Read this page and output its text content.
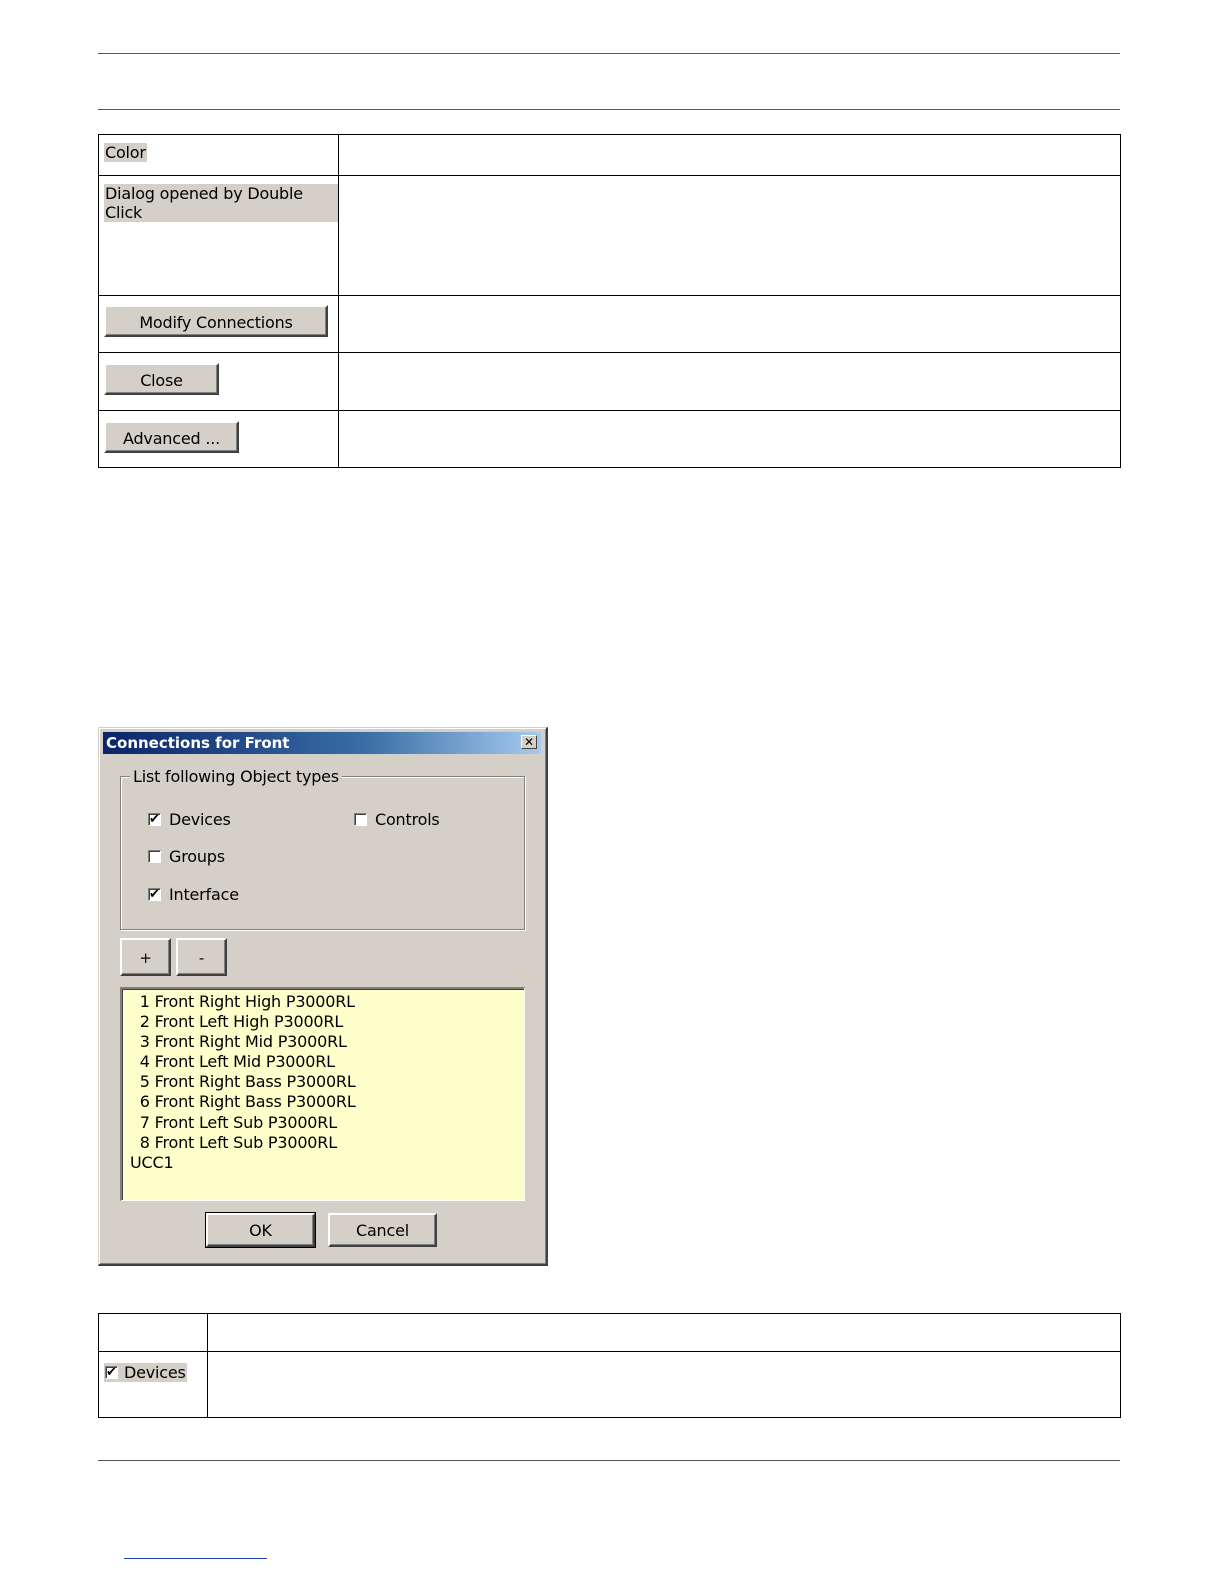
Color	
Dialog opened by Double Click	

Modify Connections	

Close	

Advanced ...	

Connections for Front	✕
List following Object types
✔Devices	Controls
Groups
✔Interface
+	-
1 Front Right High P3000RL
2 Front Left High P3000RL
3 Front Right Mid P3000RL
4 Front Left Mid P3000RL
5 Front Right Bass P3000RL
6 Front Right Bass P3000RL
7 Front Left Sub P3000RL
8 Front Left Sub P3000RL
UCC1
OK	Cancel

✔Devices	
